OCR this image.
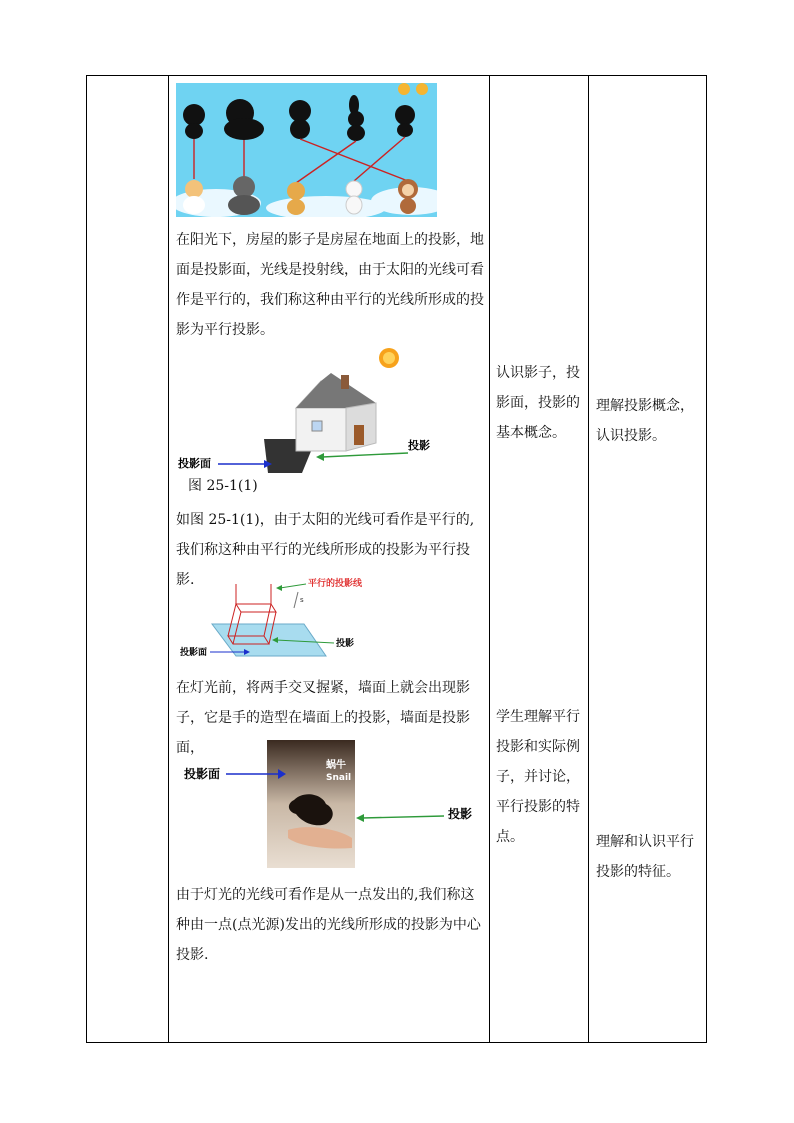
在阳光下，房屋的影子是房屋在地面上的投影，地面是投影面，光线是投射线，由于太阳的光线可看作是平行的，我们称这种由平行的光线所形成的投影为平行投影。
投影面
投影
图 25-1(1)
如图 25-1(1)，由于太阳的光线可看作是平行的,我们称这种由平行的光线所形成的投影为平行投影.
s
平行的投影线
投影
投影面
在灯光前，将两手交叉握紧，墙面上就会出现影子，它是手的造型在墙面上的投影，墙面是投影面，
蜗牛
Snail
投影面
投影
由于灯光的光线可看作是从一点发出的,我们称这种由一点(点光源)发出的光线所形成的投影为中心投影.
认识影子，投影面，投影的基本概念。
学生理解平行投影和实际例子，并讨论，平行投影的特点。
理解投影概念，认识投影。
理解和认识平行投影的特征。
